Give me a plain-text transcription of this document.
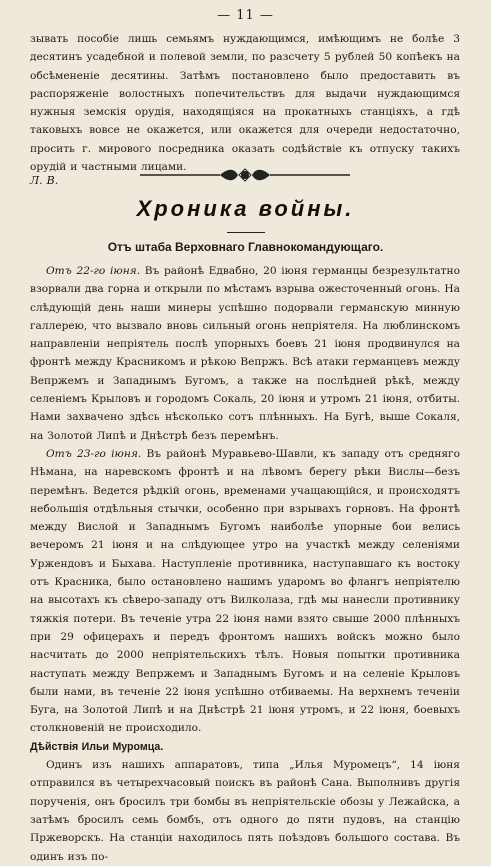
— 11 —

зывать пособіе лишь семьямъ нуждающимся, имѣющимъ не болѣе 3 десятинъ усадебной и полевой земли, по разсчету 5 рублей 50 копѣекъ на обсѣмененіе десятины. Затѣмъ постановлено было предоставить въ распоряженіе волостныхъ попечительствъ для выдачи нуждающимся нужныя земскія орудія, находящіяся на прокатныхъ станціяхъ, а гдѣ таковыхъ вовсе не окажется, или окажется для очереди недостаточно, просить г. мирового посредника оказать содѣйствіе къ отпуску такихъ орудій и частными лицами.

Л. В.

Хроника войны.
Отъ штаба Верховнаго Главнокомандующаго.

Отъ 22-го іюня. Въ районѣ Едвабно, 20 іюня германцы безрезультатно взорвали два горна и открыли по мѣстамъ взрыва ожесточенный огонь. На слѣдующій день наши минеры успѣшно подорвали германскую минную галлерею, что вызвало вновь сильный огонь непріятеля. На люблинскомъ направленіи непріятель послѣ упорныхъ боевъ 21 іюня продвинулся на фронтѣ между Красникомъ и рѣкою Вепржъ. Всѣ атаки германцевъ между Вепржемъ и Западнымъ Бугомъ, а также на послѣдней рѣкѣ, между селеніемъ Крыловъ и городомъ Сокаль, 20 іюня и утромъ 21 іюня, отбиты. Нами захвачено здѣсь нѣсколько сотъ плѣнныхъ. На Бугѣ, выше Сокаля, на Золотой Липѣ и Днѣстрѣ безъ перемѣнъ.

Отъ 23-го іюня. Въ районѣ Муравьево-Шавли, къ западу отъ средняго Нѣмана, на наревскомъ фронтѣ и на лѣвомъ берегу рѣки Вислы—безъ перемѣнъ. Ведется рѣдкій огонь, временами учащающійся, и происходятъ небольшія отдѣльныя стычки, особенно при взрывахъ горновъ. На фронтѣ между Вислой и Западнымъ Бугомъ наиболѣе упорные бои велись вечеромъ 21 іюня и на слѣдующее утро на участкѣ между селеніями Уржендовъ и Быхава. Наступленіе противника, наступавшаго къ востоку отъ Красника, было остановлено нашимъ ударомъ во флангъ непріятелю на высотахъ къ сѣверо-западу отъ Вилколаза, гдѣ мы нанесли противнику тяжкія потери. Въ теченіе утра 22 іюня нами взято свыше 2000 плѣнныхъ при 29 офицерахъ и передъ фронтомъ нашихъ войскъ можно было насчитать до 2000 непріятельскихъ тѣлъ. Новыя попытки противника наступать между Вепржемъ и Западнымъ Бугомъ и на селеніе Крыловъ были нами, въ теченіе 22 іюня успѣшно отбиваемы. На верхнемъ теченіи Буга, на Золотой Липѣ и на Днѣстрѣ 21 іюня утромъ, и 22 іюня, боевыхъ столкновеній не происходило.

Дѣйствія Ильи Муромца.

Одинъ изъ нашихъ аппаратовъ, типа „Илья Муромецъ“, 14 іюня отправился въ четырехчасовый поискъ въ районѣ Сана. Выполнивъ другія порученія, онъ бросилъ три бомбы въ непріятельскіе обозы у Лежайска, а затѣмъ бросилъ семь бомбъ, отъ одного до пяти пудовъ, на станцію Пржеворскъ. На станціи находилось пять поѣздовъ большого состава. Въ одинъ изъ по-
